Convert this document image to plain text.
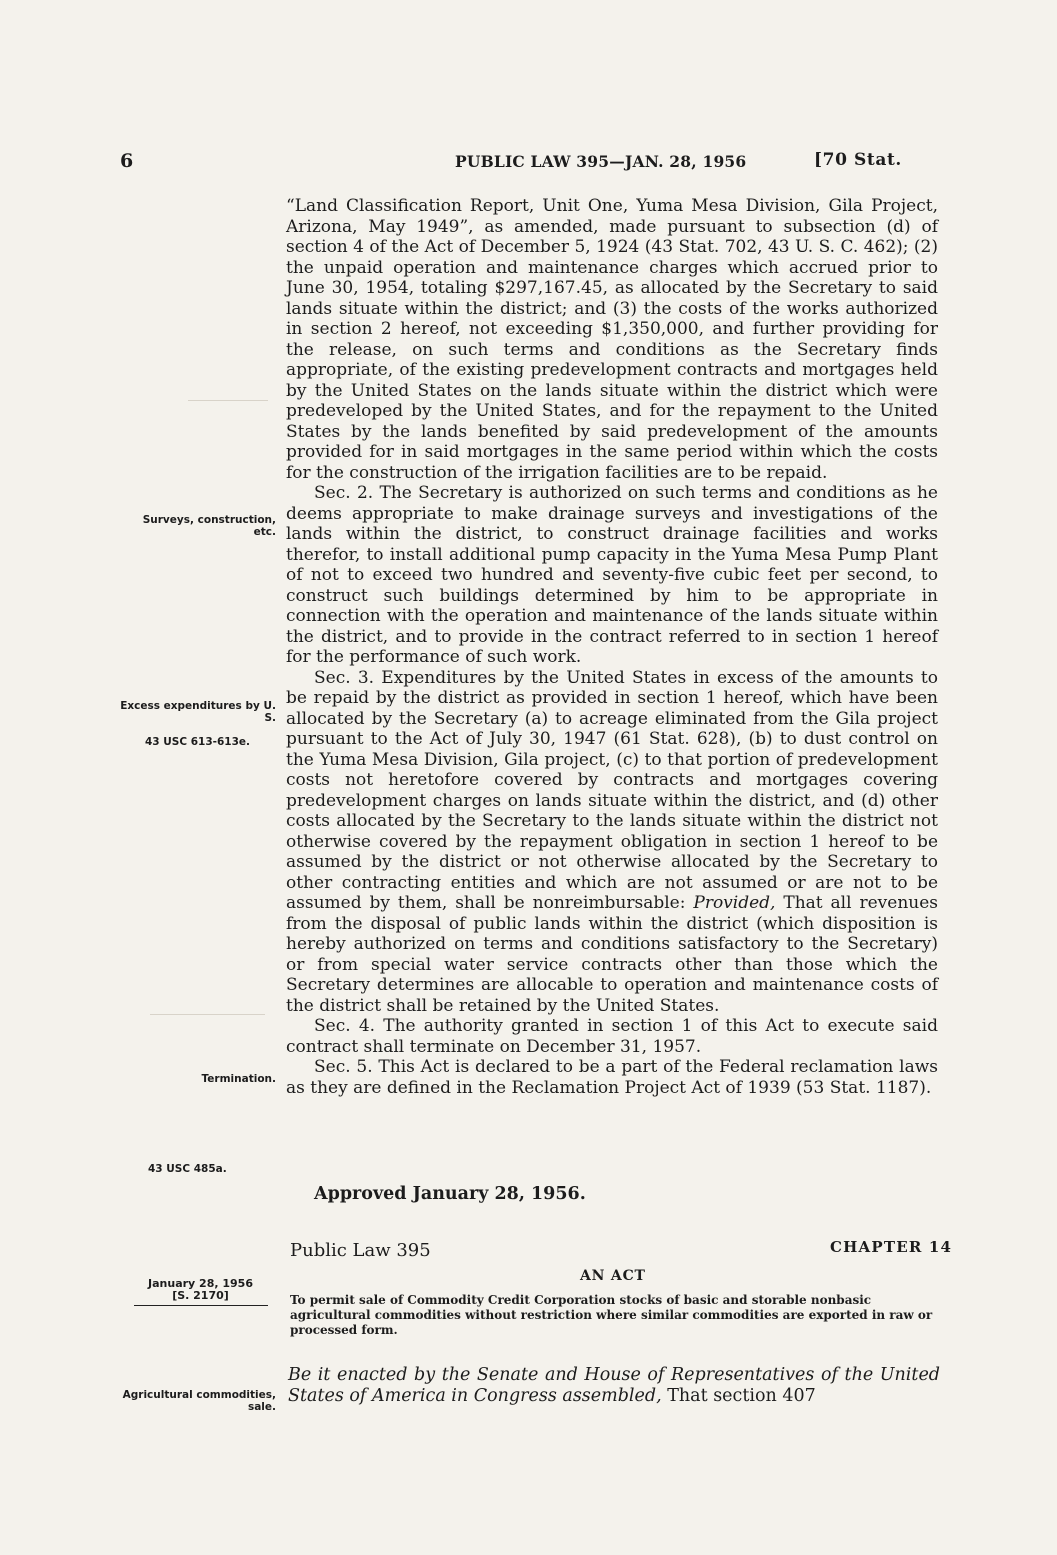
6	PUBLIC LAW 395—JAN. 28, 1956	[70 Stat.

“Land Classification Report, Unit One, Yuma Mesa Division, Gila Project, Arizona, May 1949”, as amended, made pursuant to subsection (d) of section 4 of the Act of December 5, 1924 (43 Stat. 702, 43 U. S. C. 462); (2) the unpaid operation and maintenance charges which accrued prior to June 30, 1954, totaling $297,167.45, as allocated by the Secretary to said lands situate within the district; and (3) the costs of the works authorized in section 2 hereof, not exceeding $1,350,000, and further providing for the release, on such terms and conditions as the Secretary finds appropriate, of the existing predevelopment contracts and mortgages held by the United States on the lands situate within the district which were predeveloped by the United States, and for the repayment to the United States by the lands benefited by said predevelopment of the amounts provided for in said mortgages in the same period within which the costs for the construction of the irrigation facilities are to be repaid.

Sec. 2. The Secretary is authorized on such terms and conditions as he deems appropriate to make drainage surveys and investigations of the lands within the district, to construct drainage facilities and works therefor, to install additional pump capacity in the Yuma Mesa Pump Plant of not to exceed two hundred and seventy-five cubic feet per second, to construct such buildings determined by him to be appropriate in connection with the operation and maintenance of the lands situate within the district, and to provide in the contract referred to in section 1 hereof for the performance of such work.

Sec. 3. Expenditures by the United States in excess of the amounts to be repaid by the district as provided in section 1 hereof, which have been allocated by the Secretary (a) to acreage eliminated from the Gila project pursuant to the Act of July 30, 1947 (61 Stat. 628), (b) to dust control on the Yuma Mesa Division, Gila project, (c) to that portion of predevelopment costs not heretofore covered by contracts and mortgages covering predevelopment charges on lands situate within the district, and (d) other costs allocated by the Secretary to the lands situate within the district not otherwise covered by the repayment obligation in section 1 hereof to be assumed by the district or not otherwise allocated by the Secretary to other contracting entities and which are not assumed or are not to be assumed by them, shall be nonreimbursable: Provided, That all revenues from the disposal of public lands within the district (which disposition is hereby authorized on terms and conditions satisfactory to the Secretary) or from special water service contracts other than those which the Secretary determines are allocable to operation and maintenance costs of the district shall be retained by the United States.

Sec. 4. The authority granted in section 1 of this Act to execute said contract shall terminate on December 31, 1957.

Sec. 5. This Act is declared to be a part of the Federal reclamation laws as they are defined in the Reclamation Project Act of 1939 (53 Stat. 1187).

Approved January 28, 1956.
Surveys, construction, etc.
Excess expenditures by U. S.
43 USC 613-613e.
Termination.
43 USC 485a.
Public Law 395	CHAPTER 14
AN ACT
January 28, 1956
[S. 2170]	To permit sale of Commodity Credit Corporation stocks of basic and storable nonbasic agricultural commodities without restriction where similar commodities are exported in raw or processed form.
Be it enacted by the Senate and House of Representatives of the United States of America in Congress assembled, That section 407
Agricultural commodities, sale.
